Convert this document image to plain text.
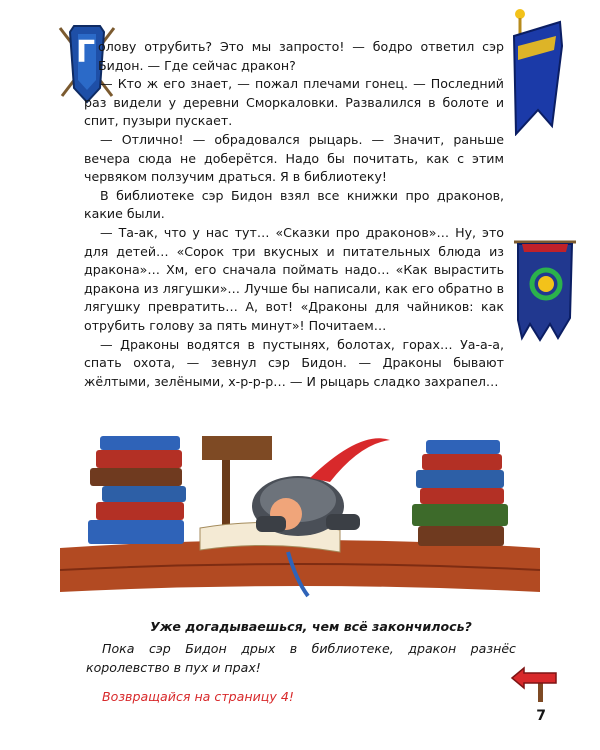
Г олову отрубить? Это мы запросто! — бодро ответил сэр Бидон. — Где сейчас дракон?

— Кто ж его знает, — пожал плечами гонец. — Последний раз видели у деревни Сморкаловки. Развалился в болоте и спит, пузыри пускает.

— Отлично! — обрадовался рыцарь. — Значит, раньше вечера сюда не доберётся. Надо бы почитать, как с этим червяком ползучим драться. Я в библиотеку!

В библиотеке сэр Бидон взял все книжки про драконов, какие были.

— Та-ак, что у нас тут… «Сказки про драконов»… Ну, это для детей… «Сорок три вкусных и питательных блюда из дракона»… Хм, его сначала поймать надо… «Как вырастить дракона из лягушки»… Лучше бы написали, как его обратно в лягушку превратить… А, вот! «Драконы для чайников: как отрубить голову за пять минут»! Почитаем…

— Драконы водятся в пустынях, болотах, горах… Уа-а-а, спать охота, — зевнул сэр Бидон. — Драконы бывают жёлтыми, зелёными, х-р-р-р… — И рыцарь сладко захрапел…

Уже догадываешься, чем всё закончилось?

Пока сэр Бидон дрых в библиотеке, дракон разнёс королевство в пух и прах!

Возвращайся на страницу 4!

7
